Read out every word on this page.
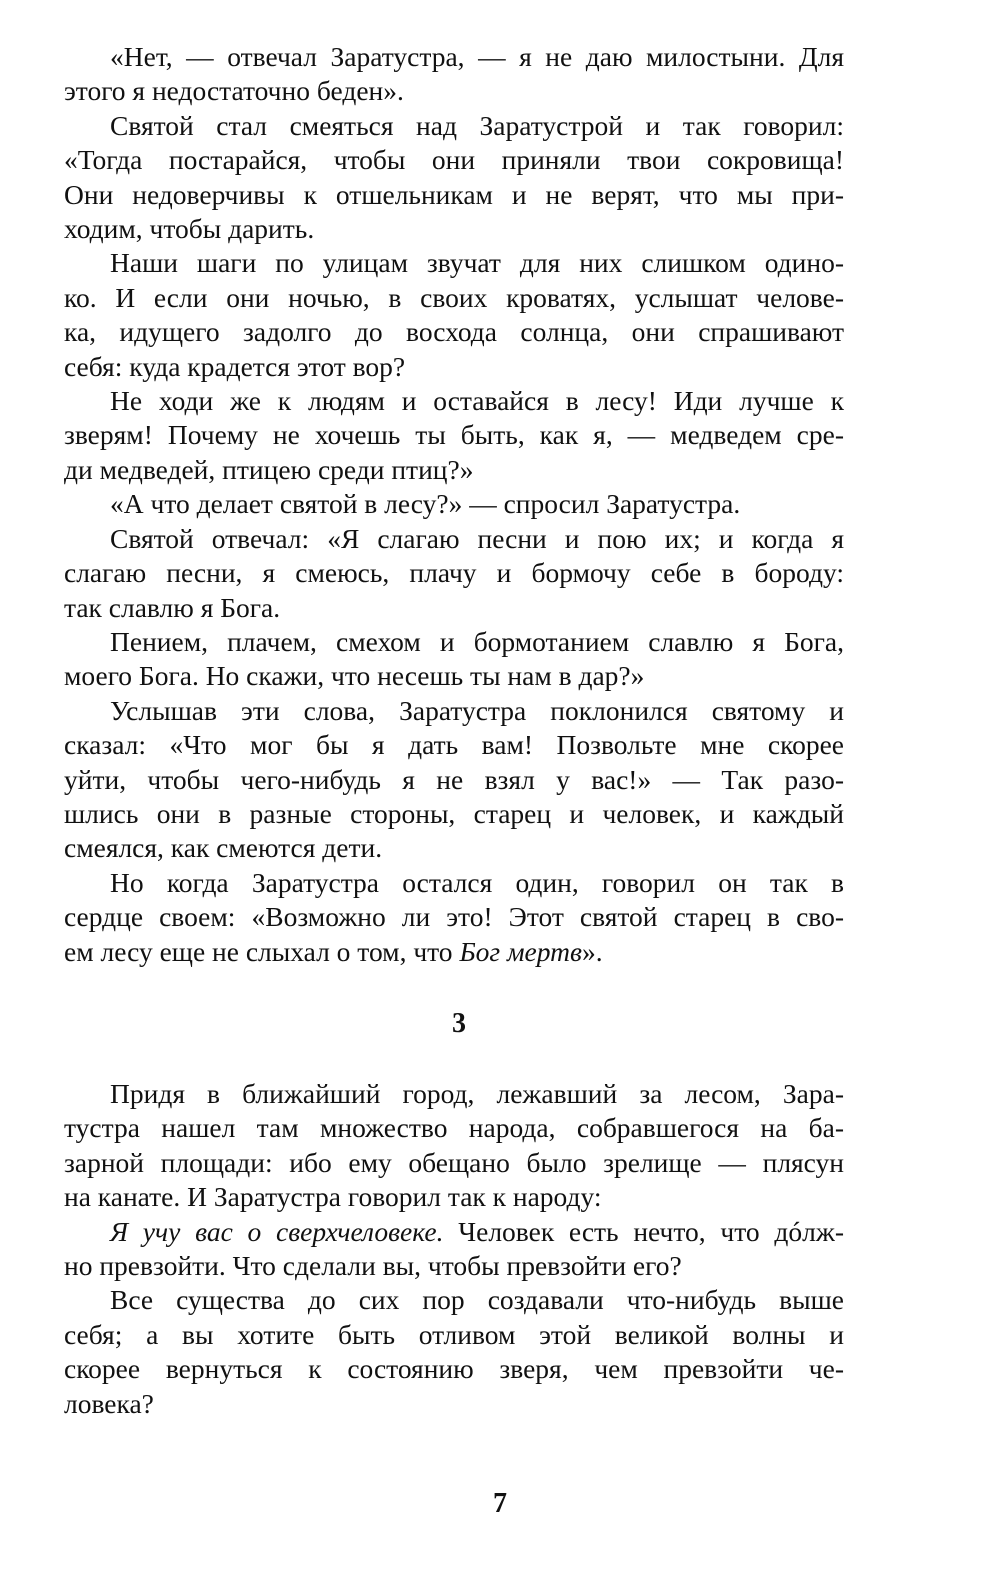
«Нет, — отвечал Заратустра, — я не даю милостыни. Для
этого я недостаточно беден».

Святой стал смеяться над Заратустрой и так говорил:
«Тогда постарайся, чтобы они приняли твои сокровища!
Они недоверчивы к отшельникам и не верят, что мы при-
ходим, чтобы дарить.

Наши шаги по улицам звучат для них слишком одино-
ко. И если они ночью, в своих кроватях, услышат челове-
ка, идущего задолго до восхода солнца, они спрашивают
себя: куда крадется этот вор?

Не ходи же к людям и оставайся в лесу! Иди лучше к
зверям! Почему не хочешь ты быть, как я, — медведем сре-
ди медведей, птицею среди птиц?»

«А что делает святой в лесу?» — спросил Заратустра.

Святой отвечал: «Я слагаю песни и пою их; и когда я
слагаю песни, я смеюсь, плачу и бормочу себе в бороду:
так славлю я Бога.

Пением, плачем, смехом и бормотанием славлю я Бога,
моего Бога. Но скажи, что несешь ты нам в дар?»

Услышав эти слова, Заратустра поклонился святому и
сказал: «Что мог бы я дать вам! Позвольте мне скорее
уйти, чтобы чего-нибудь я не взял у вас!» — Так разо-
шлись они в разные стороны, старец и человек, и каждый
смеялся, как смеются дети.

Но когда Заратустра остался один, говорил он так в
сердце своем: «Возможно ли это! Этот святой старец в сво-
ем лесу еще не слыхал о том, что Бог мертв».

3

Придя в ближайший город, лежавший за лесом, Зара-
тустра нашел там множество народа, собравшегося на ба-
зарной площади: ибо ему обещано было зрелище — плясун
на канате. И Заратустра говорил так к народу:

Я учу вас о сверхчеловеке. Человек есть нечто, что дóлж-
но превзойти. Что сделали вы, чтобы превзойти его?

Все существа до сих пор создавали что-нибудь выше
себя; а вы хотите быть отливом этой великой волны и
скорее вернуться к состоянию зверя, чем превзойти че-
ловека?

7
